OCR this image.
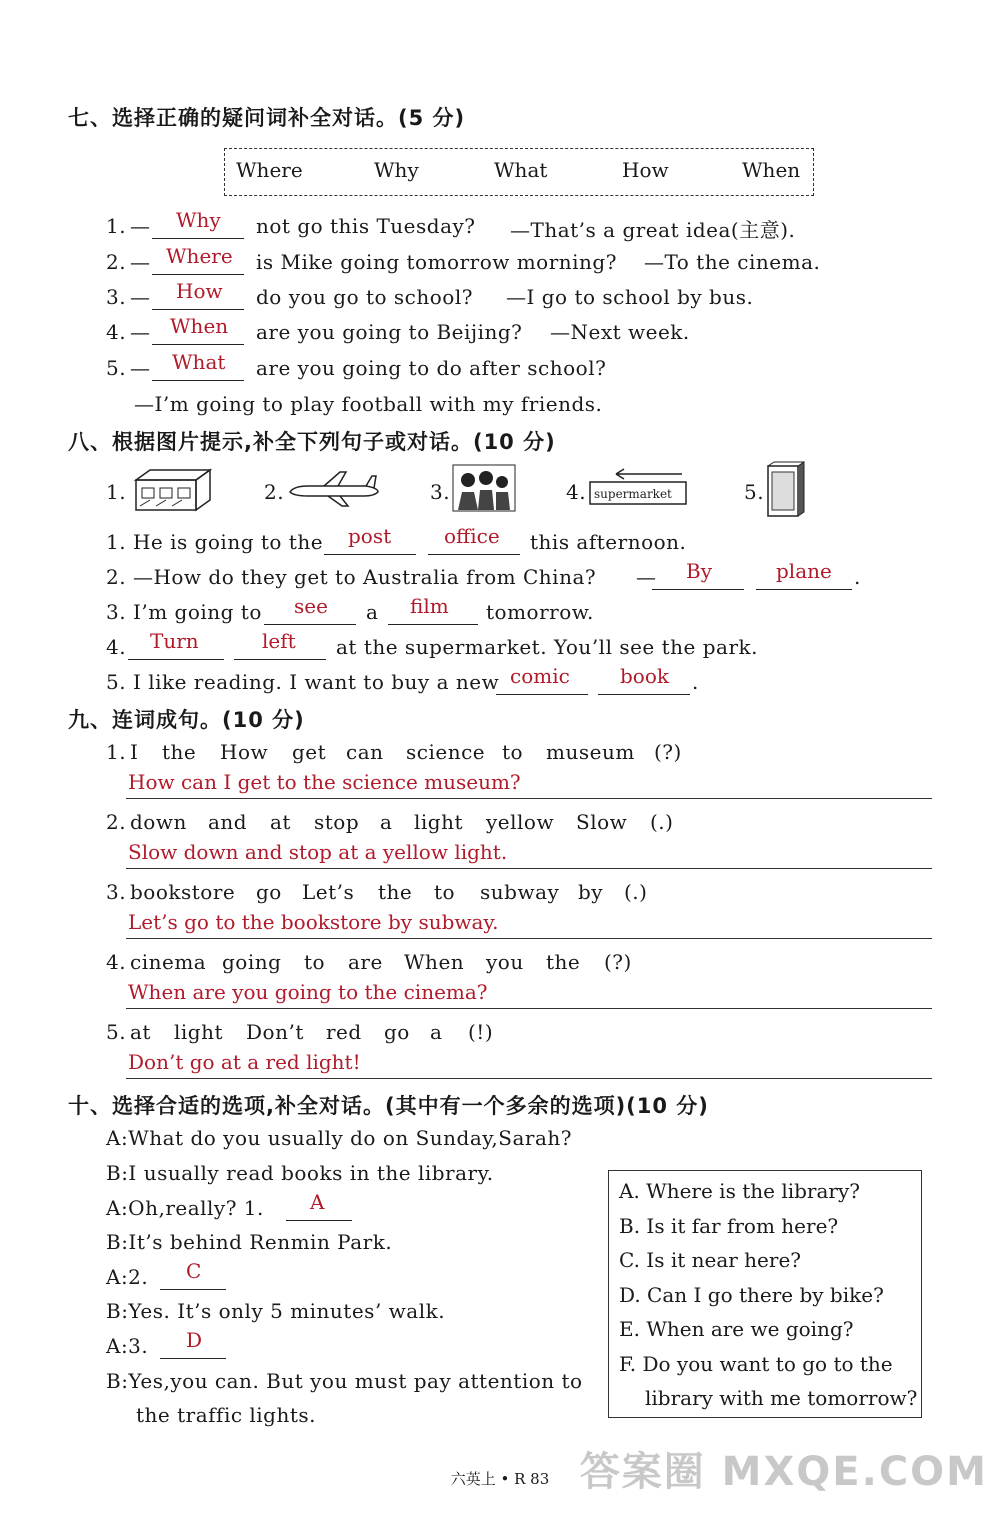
七、选择正确的疑问词补全对话。(5 分)
Where	Why	What	How	When
1. — Why not go this Tuesday? —That’s a great idea(主意).
2. — Where is Mike going tomorrow morning? —To the cinema.
3. — How do you go to school? —I go to school by bus.
4. — When are you going to Beijing? —Next week.
5. — What are you going to do after school?
—I’m going to play football with my friends.
八、根据图片提示,补全下列句子或对话。(10 分)
1.	2.	3.	4. supermarket	5.
1. He is going to the post	office this afternoon.
2. —How do they get to Australia from China? — By	plane .
3. I’m going to see a film tomorrow.
4. Turn	left at the supermarket. You’ll see the park.
5. I like reading. I want to buy a new comic	book .
九、连词成句。(10 分)
1. I the How get can science to museum (?)
How can I get to the science museum?
2. down and at stop a light yellow Slow (.)
Slow down and stop at a yellow light.
3. bookstore go Let’s the to subway by (.)
Let’s go to the bookstore by subway.
4. cinema going to are When you the (?)
When are you going to the cinema?
5. at light Don’t red go a (!)
Don’t go at a red light!
十、选择合适的选项,补全对话。(其中有一个多余的选项)(10 分)
A:What do you usually do on Sunday,Sarah?
B:I usually read books in the library.
A:Oh,really? 1. A
B:It’s behind Renmin Park.
A:2. C
B:Yes. It’s only 5 minutes’ walk.
A:3. D
B:Yes,you can. But you must pay attention to
the traffic lights.
A. Where is the library?
B. Is it far from here?
C. Is it near here?
D. Can I go there by bike?
E. When are we going?
F. Do you want to go to the
library with me tomorrow?
六英上 • R 83 答案圈 MXQE.COM
